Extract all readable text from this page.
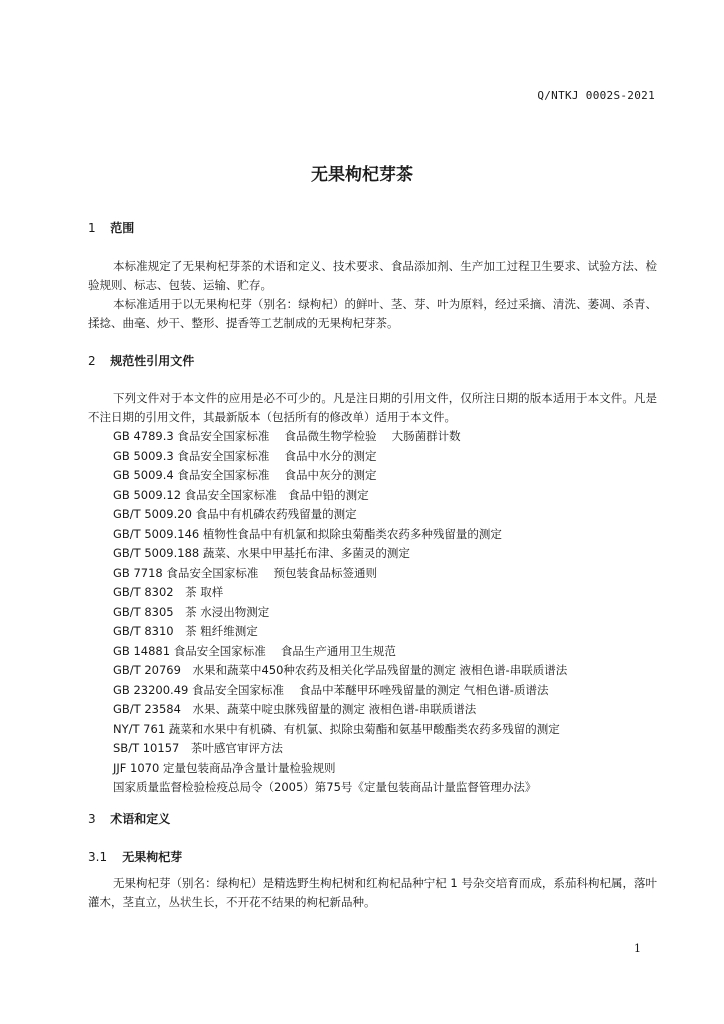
Q/NTKJ 0002S-2021
无果枸杞芽茶
1 范围

本标准规定了无果枸杞芽茶的术语和定义、技术要求、食品添加剂、生产加工过程卫生要求、试验方法、检验规则、标志、包装、运输、贮存。

本标准适用于以无果枸杞芽（别名：绿枸杞）的鲜叶、茎、芽、叶为原料，经过采摘、清洗、萎凋、杀青、揉捻、曲毫、炒干、整形、提香等工艺制成的无果枸杞芽茶。

2 规范性引用文件

下列文件对于本文件的应用是必不可少的。凡是注日期的引用文件，仅所注日期的版本适用于本文件。凡是不注日期的引用文件，其最新版本（包括所有的修改单）适用于本文件。

GB 4789.3 食品安全国家标准　 食品微生物学检验　 大肠菌群计数
GB 5009.3 食品安全国家标准　 食品中水分的测定
GB 5009.4 食品安全国家标准　 食品中灰分的测定
GB 5009.12 食品安全国家标准　食品中铅的测定
GB/T 5009.20 食品中有机磷农药残留量的测定
GB/T 5009.146 植物性食品中有机氯和拟除虫菊酯类农药多种残留量的测定
GB/T 5009.188 蔬菜、水果中甲基托布津、多菌灵的测定
GB 7718 食品安全国家标准　 预包装食品标签通则
GB/T 8302　茶 取样
GB/T 8305　茶 水浸出物测定
GB/T 8310　茶 粗纤维测定
GB 14881 食品安全国家标准　 食品生产通用卫生规范
GB/T 20769　水果和蔬菜中450种农药及相关化学品残留量的测定 液相色谱-串联质谱法
GB 23200.49 食品安全国家标准　 食品中苯醚甲环唑残留量的测定 气相色谱-质谱法
GB/T 23584　水果、蔬菜中啶虫脒残留量的测定 液相色谱-串联质谱法
NY/T 761 蔬菜和水果中有机磷、有机氯、拟除虫菊酯和氨基甲酸酯类农药多残留的测定
SB/T 10157　茶叶感官审评方法
JJF 1070 定量包装商品净含量计量检验规则
国家质量监督检验检疫总局令（2005）第75号《定量包装商品计量监督管理办法》
3 术语和定义
3.1 无果枸杞芽

无果枸杞芽（别名：绿枸杞）是精选野生枸杞树和红枸杞品种宁杞 1 号杂交培育而成，系茄科枸杞属，落叶灌木，茎直立，丛状生长，不开花不结果的枸杞新品种。

1
